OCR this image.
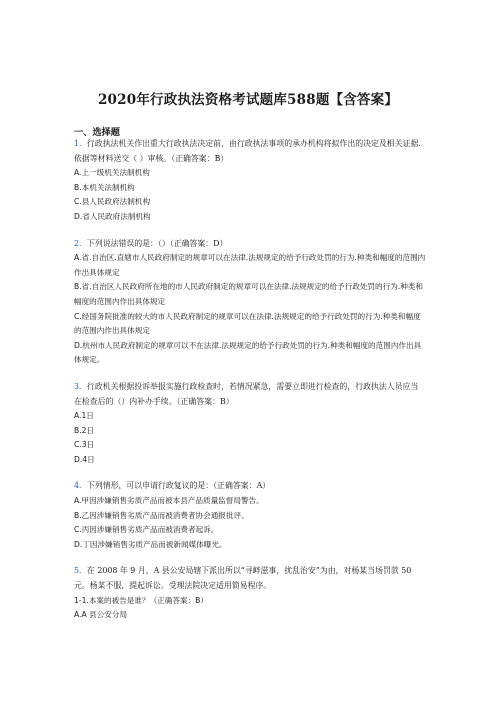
2020年行政执法资格考试题库588题【含答案】
一、选择题

1．行政执法机关作出重大行政执法决定前，由行政执法事项的承办机构将拟作出的决定及相关证据.依据等材料送交（ ）审核。（正确答案：B）

A.上一级机关法制机构

B.本机关法制机构

C.县人民政府法制机构

D.省人民政府法制机构

2．下列说法错误的是：（）（正确答案：D）

A.省.自治区.直辖市人民政府制定的规章可以在法律.法规规定的给予行政处罚的行为.种类和幅度的范围内作出具体规定

B.省.自治区人民政府所在地的市人民政府制定的规章可以在法律.法规规定的给予行政处罚的行为.种类和幅度的范围内作出具体规定

C.经国务院批准的较大的市人民政府制定的规章可以在法律.法规规定的给予行政处罚的行为.种类和幅度的范围内作出具体规定

D.杭州市人民政府制定的规章可以不在法律.法规规定的给予行政处罚的行为.种类和幅度的范围内作出具体规定。

3．行政机关根据投诉举报实施行政检查时，若情况紧急，需要立即进行检查的，行政执法人员应当在检查后的（）内补办手续。（正确答案：B）

A.1日

B.2日

C.3日

D.4日

4．下列情形，可以申请行政复议的是：（正确答案：A）

A.甲因涉嫌销售劣质产品而被本县产品质量监督局警告。

B.乙因涉嫌销售劣质产品而被消费者协会通报批评。

C.丙因涉嫌销售劣质产品而被消费者起诉。

D.丁因涉嫌销售劣质产品而被新闻媒体曝光。

5．在 2008 年 9 月，A 县公安局辖下派出所以“寻衅滋事，扰乱治安”为由，对杨某当场罚款 50 元。杨某不服，提起诉讼。受理法院决定适用简易程序。

1-1.本案的被告是谁？（正确答案：B）

A.A 县公安分局
